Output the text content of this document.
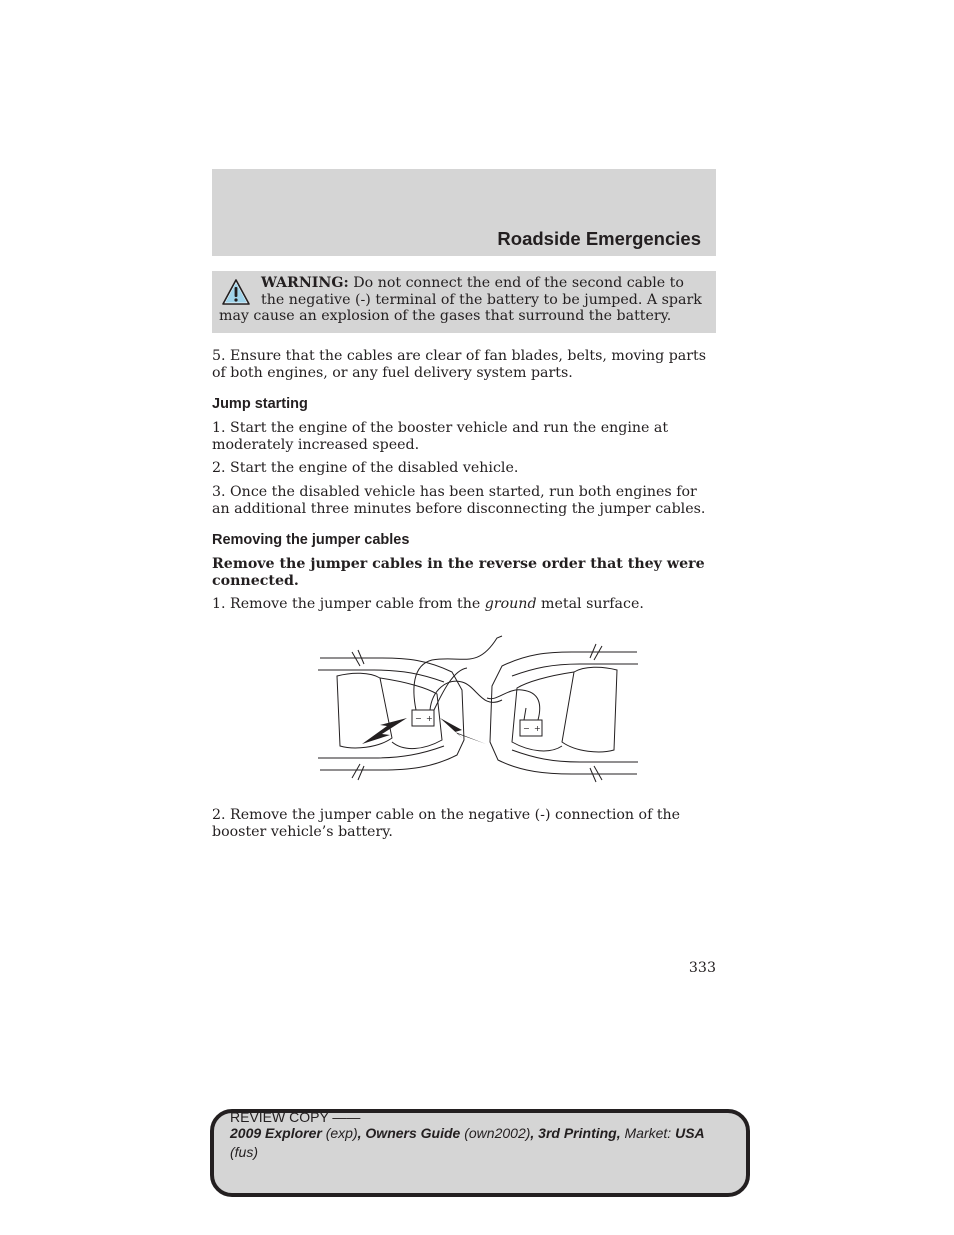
Roadside Emergencies
WARNING: Do not connect the end of the second cable to the negative (-) terminal of the battery to be jumped. A spark may cause an explosion of the gases that surround the battery.

5. Ensure that the cables are clear of fan blades, belts, moving parts of both engines, or any fuel delivery system parts.

Jump starting

1. Start the engine of the booster vehicle and run the engine at moderately increased speed.

2. Start the engine of the disabled vehicle.

3. Once the disabled vehicle has been started, run both engines for an additional three minutes before disconnecting the jumper cables.

Removing the jumper cables

Remove the jumper cables in the reverse order that they were connected.

1. Remove the jumper cable from the ground metal surface.

− +
− +

2. Remove the jumper cable on the negative (-) connection of the booster vehicle’s battery.

333
REVIEW COPY ——
2009 Explorer (exp), Owners Guide (own2002), 3rd Printing, Market: USA
(fus)
